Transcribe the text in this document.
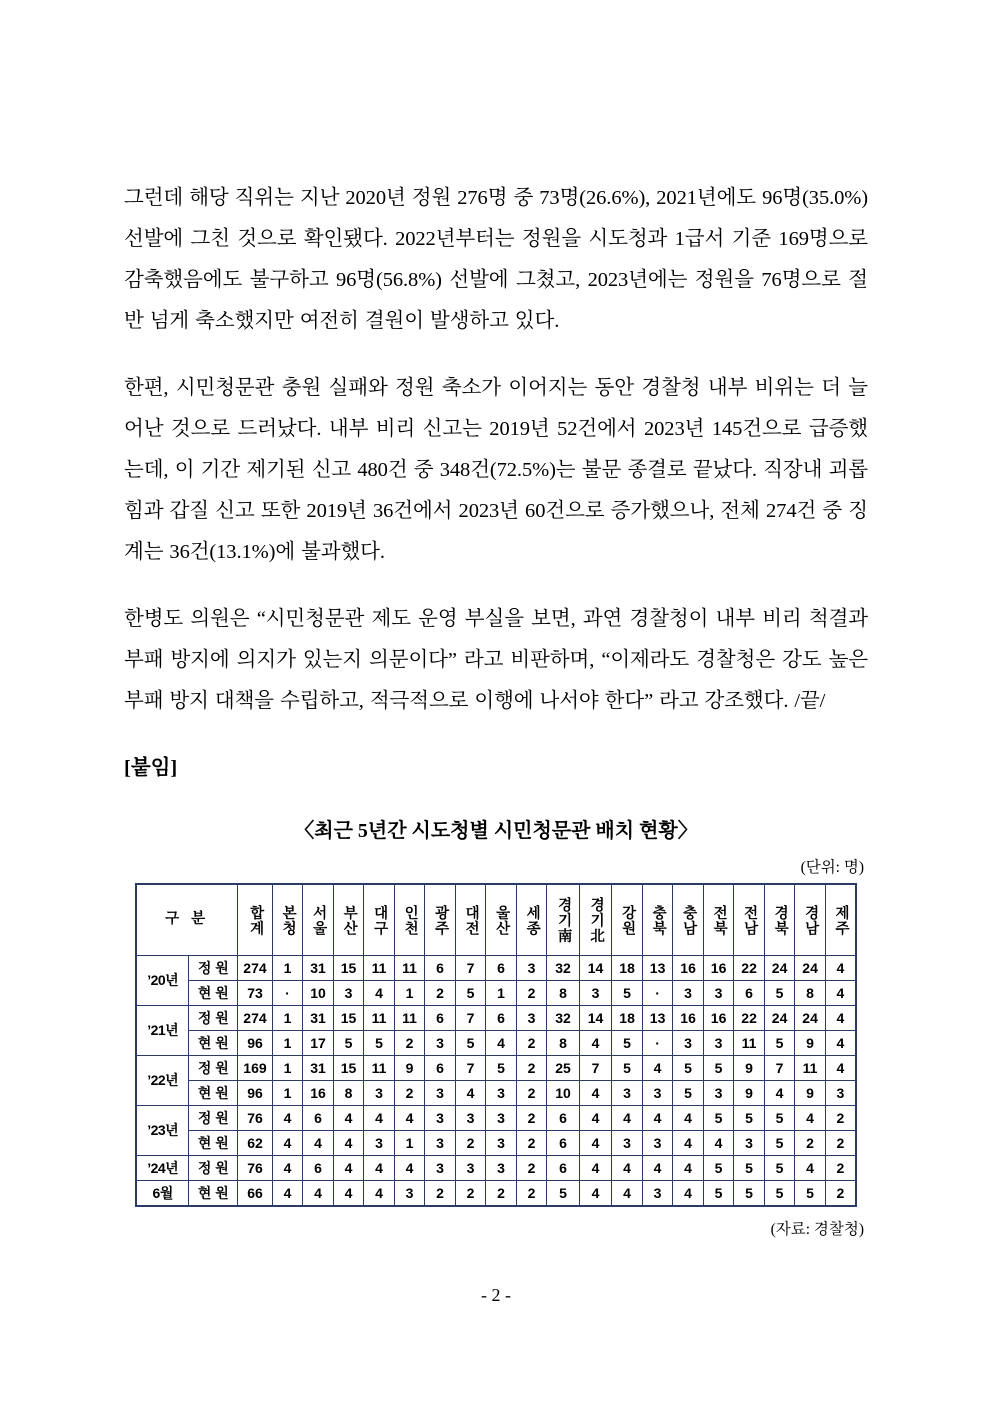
그런데 해당 직위는 지난 2020년 정원 276명 중 73명(26.6%), 2021년에도 96명(35.0%) 선발에 그친 것으로 확인됐다. 2022년부터는 정원을 시도청과 1급서 기준 169명으로 감축했음에도 불구하고 96명(56.8%) 선발에 그쳤고, 2023년에는 정원을 76명으로 절반 넘게 축소했지만 여전히 결원이 발생하고 있다.

한편, 시민청문관 충원 실패와 정원 축소가 이어지는 동안 경찰청 내부 비위는 더 늘어난 것으로 드러났다. 내부 비리 신고는 2019년 52건에서 2023년 145건으로 급증했는데, 이 기간 제기된 신고 480건 중 348건(72.5%)는 불문 종결로 끝났다. 직장내 괴롭힘과 갑질 신고 또한 2019년 36건에서 2023년 60건으로 증가했으나, 전체 274건 중 징계는 36건(13.1%)에 불과했다.

한병도 의원은 “시민청문관 제도 운영 부실을 보면, 과연 경찰청이 내부 비리 척결과 부패 방지에 의지가 있는지 의문이다” 라고 비판하며, “이제라도 경찰청은 강도 높은 부패 방지 대책을 수립하고, 적극적으로 이행에 나서야 한다” 라고 강조했다. /끝/

[붙임]

〈최근 5년간 시도청별 시민청문관 배치 현황〉
(단위: 명)
구 분		합계	본청	서울	부산	대구	인천	광주	대전	울산	세종	경기南	경기北	강원	충북	충남	전북	전남	경북	경남	제주
’20년	정 원	274	1	31	15	11	11	6	7	6	3	32	14	18	13	16	16	22	24	24	4
	현 원	73	·	10	3	4	1	2	5	1	2	8	3	5	·	3	3	6	5	8	4
’21년	정 원	274	1	31	15	11	11	6	7	6	3	32	14	18	13	16	16	22	24	24	4
	현 원	96	1	17	5	5	2	3	5	4	2	8	4	5	·	3	3	11	5	9	4
’22년	정 원	169	1	31	15	11	9	6	7	5	2	25	7	5	4	5	5	9	7	11	4
	현 원	96	1	16	8	3	2	3	4	3	2	10	4	3	3	5	3	9	4	9	3
’23년	정 원	76	4	6	4	4	4	3	3	3	2	6	4	4	4	4	5	5	5	4	2
	현 원	62	4	4	4	3	1	3	2	3	2	6	4	3	3	4	4	3	5	2	2
’24년	정 원	76	4	6	4	4	4	3	3	3	2	6	4	4	4	4	5	5	5	4	2
6월	현 원	66	4	4	4	4	3	2	2	2	2	5	4	4	3	4	5	5	5	5	2
(자료: 경찰청)
- 2 -
